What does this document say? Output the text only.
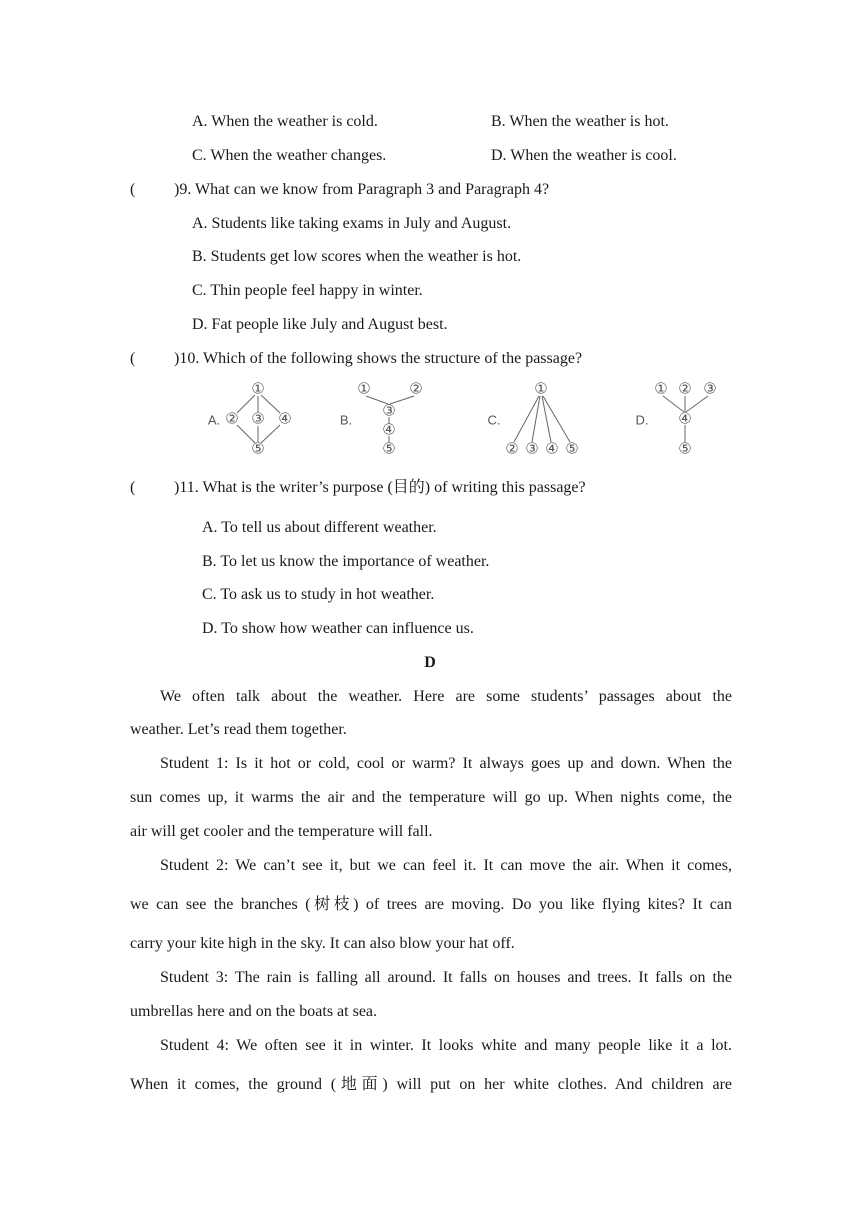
A. When the weather is cold.	B. When the weather is hot.
C. When the weather changes.	D. When the weather is cool.
( )9. What can we know from Paragraph 3 and Paragraph 4?
A. Students like taking exams in July and August.
B. Students get low scores when the weather is hot.
C. Thin people feel happy in winter.
D. Fat people like July and August best.
( )10. Which of the following shows the structure of the passage?
A.	B.	C.	D.
①
② ③ ④
⑤
①	②
③
④
⑤
①
② ③ ④ ⑤
① ② ③
④
⑤
( )11. What is the writer’s purpose (目的) of writing this passage?
A. To tell us about different weather.
B. To let us know the importance of weather.
C. To ask us to study in hot weather.
D. To show how weather can influence us.
D
We often talk about the weather. Here are some students’ passages about the
weather. Let’s read them together.
Student 1: Is it hot or cold, cool or warm? It always goes up and down. When the
sun comes up, it warms the air and the temperature will go up. When nights come, the
air will get cooler and the temperature will fall.
Student 2: We can’t see it, but we can feel it. It can move the air. When it comes,
we can see the branches (树枝) of trees are moving. Do you like flying kites? It can
carry your kite high in the sky. It can also blow your hat off.
Student 3: The rain is falling all around. It falls on houses and trees. It falls on the
umbrellas here and on the boats at sea.
Student 4: We often see it in winter. It looks white and many people like it a lot.
When it comes, the ground (地面) will put on her white clothes. And children are
